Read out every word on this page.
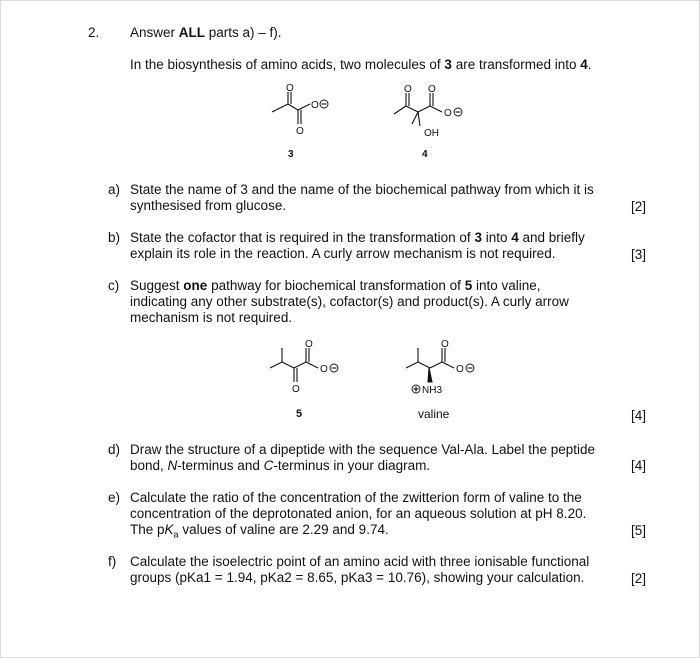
2. Answer ALL parts a) – f).
In the biosynthesis of amino acids, two molecules of 3 are transformed into 4.
O
O
O
3
O O
O
OH
4
a) State the name of 3 and the name of the biochemical pathway from which it is
synthesised from glucose.	[2]
b) State the cofactor that is required in the transformation of 3 into 4 and briefly
explain its role in the reaction. A curly arrow mechanism is not required.	[3]
c) Suggest one pathway for biochemical transformation of 5 into valine,
indicating any other substrate(s), cofactor(s) and product(s). A curly arrow
mechanism is not required.
O
O
O
5
O
O
NH3
valine	[4]
d) Draw the structure of a dipeptide with the sequence Val-Ala. Label the peptide
bond, N-terminus and C-terminus in your diagram.	[4]
e) Calculate the ratio of the concentration of the zwitterion form of valine to the
concentration of the deprotonated anion, for an aqueous solution at pH 8.20.
The $pK_a$ values of valine are 2.29 and 9.74.	[5]
f) Calculate the isoelectric point of an amino acid with three ionisable functional
groups (pKa1 = 1.94, pKa2 = 8.65, pKa3 = 10.76), showing your calculation.	[2]
